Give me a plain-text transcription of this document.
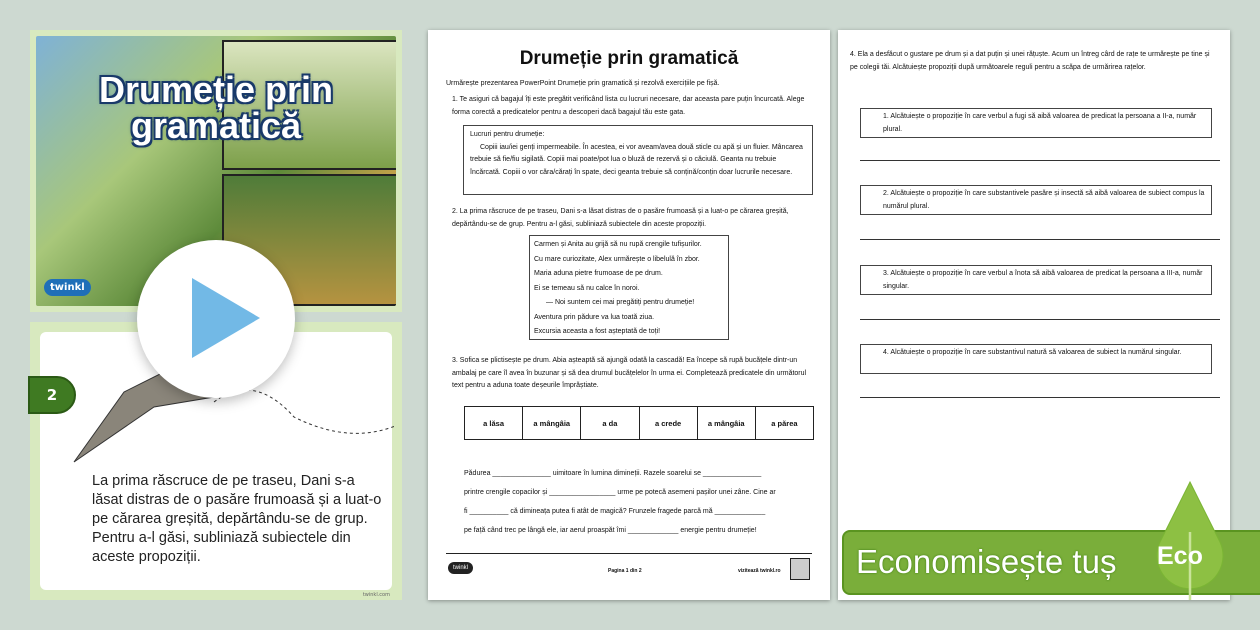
Drumeție prin gramatică
twinkl
2
La prima răscruce de pe traseu, Dani s-a lăsat distras de o pasăre frumoasă și a luat-o pe cărarea greșită, depărtându-se de grup. Pentru a-l găsi, subliniază subiectele din aceste propoziții.
twinkl.com
Drumeție prin gramatică
Urmărește prezentarea PowerPoint Drumeție prin gramatică și rezolvă exercițiile pe fișă.
1. Te asiguri că bagajul îți este pregătit verificând lista cu lucruri necesare, dar aceasta pare puțin încurcată. Alege forma corectă a predicatelor pentru a descoperi dacă bagajul tău este gata.
Lucruri pentru drumeție:
Copiii iau/iei genți impermeabile. În acestea, ei vor aveam/avea două sticle cu apă și un fluier. Mâncarea trebuie să fie/fiu sigilată. Copiii mai poate/pot lua o bluză de rezervă și o căciulă. Geanta nu trebuie încărcată. Copiii o vor căra/cărați în spate, deci geanta trebuie să conțină/conțin doar lucrurile necesare.
2. La prima răscruce de pe traseu, Dani s-a lăsat distras de o pasăre frumoasă și a luat-o pe cărarea greșită, depărtându-se de grup. Pentru a-l găsi, subliniază subiectele din aceste propoziții.
Carmen și Anita au grijă să nu rupă crengile tufișurilor.
Cu mare curiozitate, Alex urmărește o libelulă în zbor.
Maria aduna pietre frumoase de pe drum.
Ei se temeau să nu calce în noroi.
— Noi suntem cei mai pregătiți pentru drumeție!
Aventura prin pădure va lua toată ziua.
Excursia aceasta a fost așteptată de toți!
3. Sofica se plictisește pe drum. Abia așteaptă să ajungă odată la cascadă! Ea începe să rupă bucățele dintr-un ambalaj pe care îl avea în buzunar și să dea drumul bucățelelor în urma ei. Completează predicatele din următorul text pentru a aduna toate deșeurile împrăștiate.
a lăsa	a mângâia	a da	a crede	a mângâia	a părea
Pădurea _______________ uimitoare în lumina dimineții. Razele soarelui se _______________
printre crengile copacilor și _________________ urme pe potecă asemeni pașilor unei zâne. Cine ar
fi __________ că dimineața putea fi atât de magică? Frunzele fragede parcă mă _____________
pe față când trec pe lângă ele, iar aerul proaspăt îmi _____________ energie pentru drumeție!
twinkl	Pagina 1 din 2	vizitează twinkl.ro
4. Ela a desfăcut o gustare pe drum și a dat puțin și unei rățuște. Acum un întreg cârd de rațe te urmărește pe tine și pe colegii tăi. Alcătuiește propoziții după următoarele reguli pentru a scăpa de urmărirea rațelor.
1. Alcătuiește o propoziție în care verbul a fugi să aibă valoarea de predicat la persoana a II-a, număr plural.
2. Alcătuiește o propoziție în care substantivele pasăre și insectă să aibă valoarea de subiect compus la numărul plural.
3. Alcătuiește o propoziție în care verbul a înota să aibă valoarea de predicat la persoana a III-a, număr singular.
4. Alcătuiește o propoziție în care substantivul natură să valoarea de subiect la numărul singular.
Economisește tuș Eco
